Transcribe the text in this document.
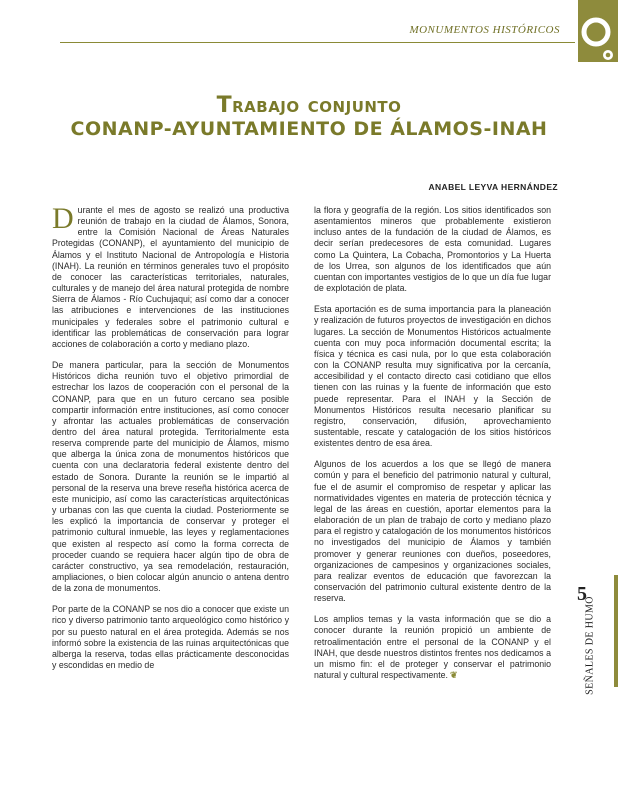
MONUMENTOS HISTÓRICOS
Trabajo conjunto
CONANP-AYUNTAMIENTO DE ÁLAMOS-INAH
ANABEL LEYVA HERNÁNDEZ

Durante el mes de agosto se realizó una productiva reunión de trabajo en la ciudad de Álamos, Sonora, entre la Comisión Nacional de Áreas Naturales Protegidas (CONANP), el ayuntamiento del municipio de Álamos y el Instituto Nacional de Antropología e Historia (INAH). La reunión en términos generales tuvo el propósito de conocer las características territoriales, naturales, culturales y de manejo del área natural protegida de nombre Sierra de Álamos - Río Cuchujaqui; así como dar a conocer las atribuciones e intervenciones de las instituciones municipales y federales sobre el patrimonio cultural e identificar las problemáticas de conservación para lograr acciones de colaboración a corto y mediano plazo.

De manera particular, para la sección de Monumentos Históricos dicha reunión tuvo el objetivo primordial de estrechar los lazos de cooperación con el personal de la CONANP, para que en un futuro cercano sea posible compartir información entre instituciones, así como conocer y afrontar las actuales problemáticas de conservación dentro del área natural protegida. Territorialmente esta reserva comprende parte del municipio de Álamos, mismo que alberga la única zona de monumentos históricos que cuenta con una declaratoria federal existente dentro del estado de Sonora. Durante la reunión se le impartió al personal de la reserva una breve reseña histórica acerca de este municipio, así como las características arquitectónicas y urbanas con las que cuenta la ciudad. Posteriormente se les explicó la importancia de conservar y proteger el patrimonio cultural inmueble, las leyes y reglamentaciones que existen al respecto así como la forma correcta de proceder cuando se requiera hacer algún tipo de obra de carácter constructivo, ya sea remodelación, restauración, ampliaciones, o bien colocar algún anuncio o antena dentro de la zona de monumentos.

Por parte de la CONANP se nos dio a conocer que existe un rico y diverso patrimonio tanto arqueológico como histórico y por su puesto natural en el área protegida. Además se nos informó sobre la existencia de las ruinas arquitectónicas que alberga la reserva, todas ellas prácticamente desconocidas y escondidas en medio de

la flora y geografía de la región. Los sitios identificados son asentamientos mineros que probablemente existieron incluso antes de la fundación de la ciudad de Álamos, es decir serían predecesores de esta comunidad. Lugares como La Quintera, La Cobacha, Promontorios y La Huerta de los Urrea, son algunos de los identificados que aún cuentan con importantes vestigios de lo que un día fue lugar de explotación de plata.

Esta aportación es de suma importancia para la planeación y realización de futuros proyectos de investigación en dichos lugares. La sección de Monumentos Históricos actualmente cuenta con muy poca información documental escrita; la física y técnica es casi nula, por lo que esta colaboración con la CONANP resulta muy significativa por la cercanía, accesibilidad y el contacto directo casi cotidiano que ellos tienen con las ruinas y la fuente de información que esto puede representar. Para el INAH y la Sección de Monumentos Históricos resulta necesario planificar su registro, conservación, difusión, aprovechamiento sustentable, rescate y catalogación de los sitios históricos existentes dentro de esa área.

Algunos de los acuerdos a los que se llegó de manera común y para el beneficio del patrimonio natural y cultural, fue el de asumir el compromiso de respetar y aplicar las normatividades vigentes en materia de protección técnica y legal de las áreas en cuestión, aportar elementos para la elaboración de un plan de trabajo de corto y mediano plazo para el registro y catalogación de los monumentos históricos no investigados del municipio de Álamos y también promover y generar reuniones con dueños, poseedores, organizaciones de campesinos y organizaciones sociales, para realizar eventos de educación que favorezcan la conservación del patrimonio cultural existente dentro de la reserva.

Los amplios temas y la vasta información que se dio a conocer durante la reunión propició un ambiente de retroalimentación entre el personal de la CONANP y el INAH, que desde nuestros distintos frentes nos dedicamos a un mismo fin: el de proteger y conservar el patrimonio natural y cultural respectivamente. ❦

5
SEÑALES DE HUMO
